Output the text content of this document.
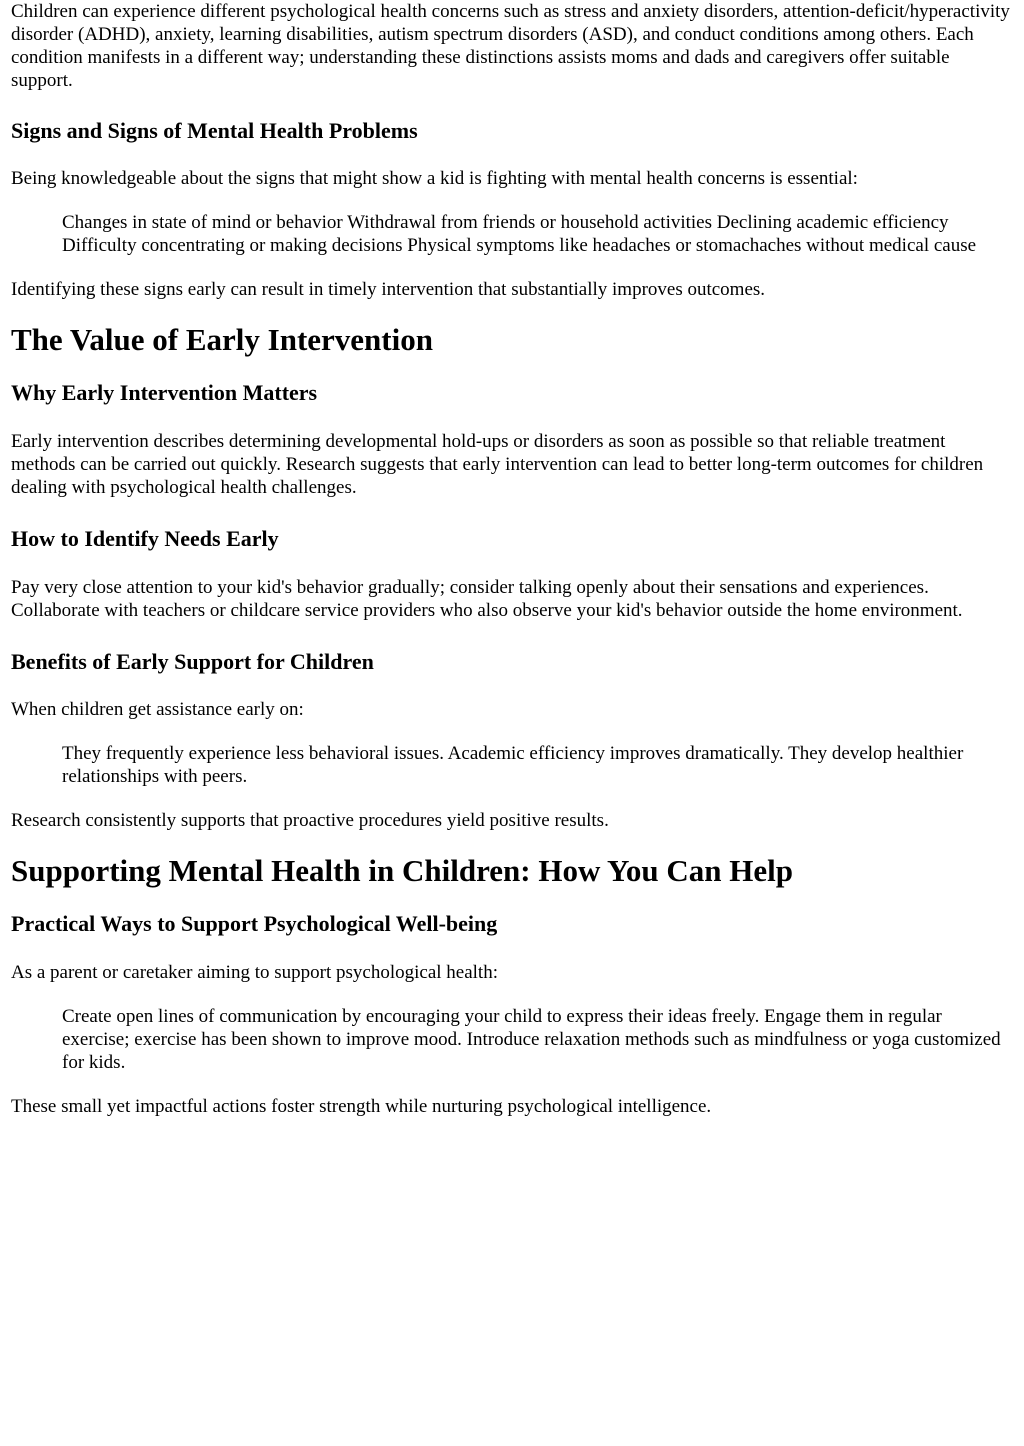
Children can experience different psychological health concerns such as stress and anxiety disorders, attention-deficit/hyperactivity disorder (ADHD), anxiety, learning disabilities, autism spectrum disorders (ASD), and conduct conditions among others. Each condition manifests in a different way; understanding these distinctions assists moms and dads and caregivers offer suitable support.

Signs and Signs of Mental Health Problems

Being knowledgeable about the signs that might show a kid is fighting with mental health concerns is essential:

Changes in state of mind or behavior Withdrawal from friends or household activities Declining academic efficiency Difficulty concentrating or making decisions Physical symptoms like headaches or stomachaches without medical cause

Identifying these signs early can result in timely intervention that substantially improves outcomes.

The Value of Early Intervention
Why Early Intervention Matters

Early intervention describes determining developmental hold-ups or disorders as soon as possible so that reliable treatment methods can be carried out quickly. Research suggests that early intervention can lead to better long-term outcomes for children dealing with psychological health challenges.

How to Identify Needs Early

Pay very close attention to your kid's behavior gradually; consider talking openly about their sensations and experiences. Collaborate with teachers or childcare service providers who also observe your kid's behavior outside the home environment.

Benefits of Early Support for Children

When children get assistance early on:

They frequently experience less behavioral issues. Academic efficiency improves dramatically. They develop healthier relationships with peers.

Research consistently supports that proactive procedures yield positive results.

Supporting Mental Health in Children: How You Can Help
Practical Ways to Support Psychological Well-being

As a parent or caretaker aiming to support psychological health:

Create open lines of communication by encouraging your child to express their ideas freely. Engage them in regular exercise; exercise has been shown to improve mood. Introduce relaxation methods such as mindfulness or yoga customized for kids.

These small yet impactful actions foster strength while nurturing psychological intelligence.
